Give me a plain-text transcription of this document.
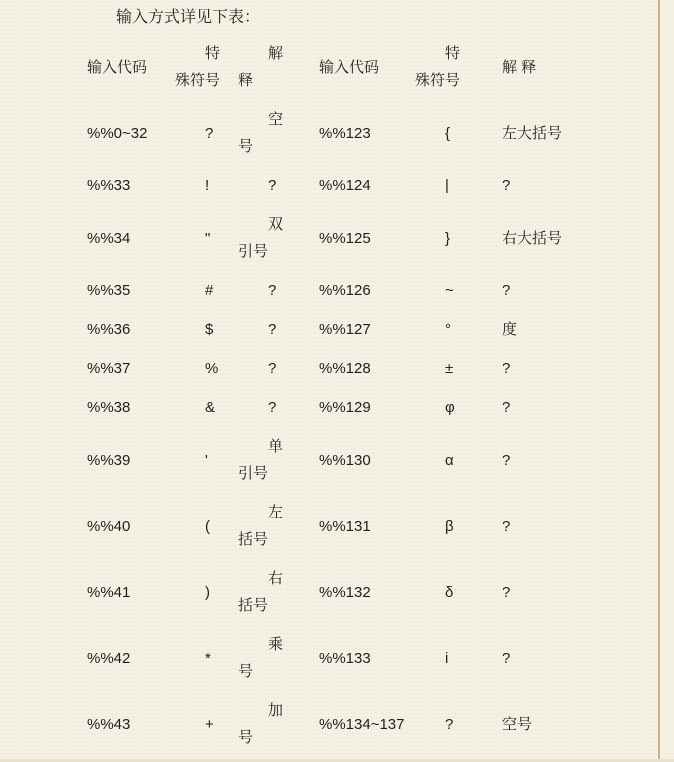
输入方式详见下表：

输入代码	特 殊符号	解 释	输入代码	特 殊符号	解 释
%%0~32	?	空号	%%123	{	左大括号
%%33	!	?	%%124	|	?
%%34	"	双引号	%%125	}	右大括号
%%35	#	?	%%126	~	?
%%36	$	?	%%127	°	度
%%37	%	?	%%128	±	?
%%38	&	?	%%129	φ	?
%%39	'	单引号	%%130	α	?
%%40	(	左括号	%%131	β	?
%%41	)	右括号	%%132	δ	?
%%42	*	乘号	%%133	i	?
%%43	+	加号	%%134~137	?	空号
